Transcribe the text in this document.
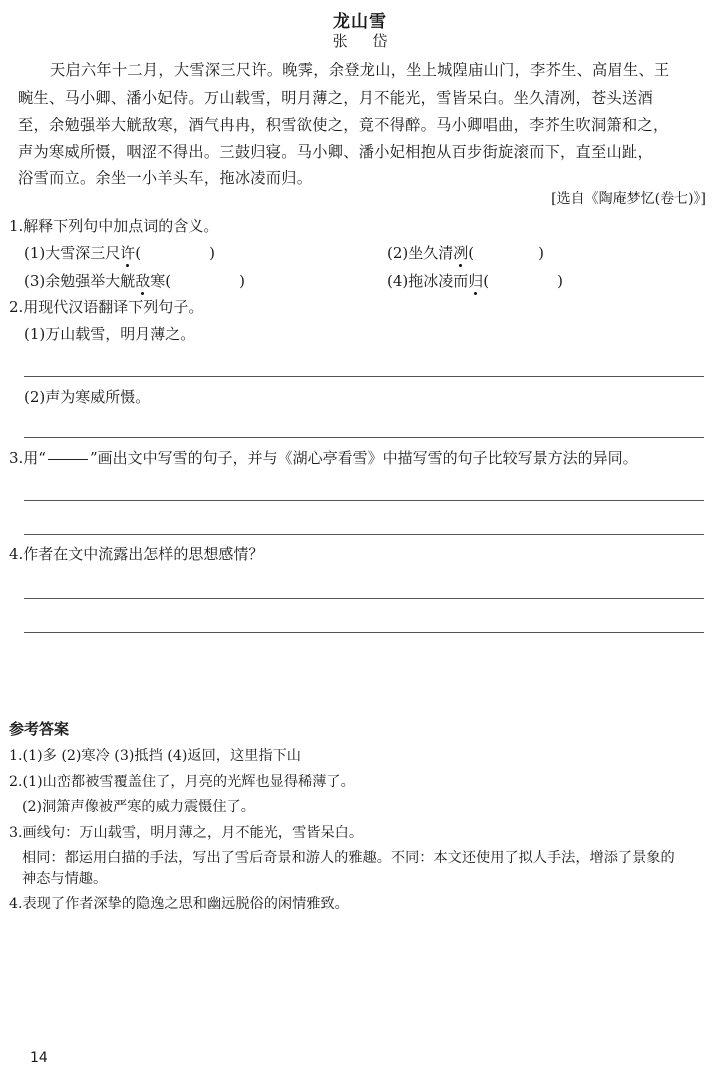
龙山雪
张 岱
天启六年十二月，大雪深三尺许。晚霁，余登龙山，坐上城隍庙山门，李芥生、高眉生、王
畹生、马小卿、潘小妃侍。万山载雪，明月薄之，月不能光，雪皆呆白。坐久清冽，苍头送酒
至，余勉强举大觥敌寒，酒气冉冉，积雪欲使之，竟不得醉。马小卿唱曲，李芥生吹洞箫和之，
声为寒威所慑，咽涩不得出。三鼓归寝。马小卿、潘小妃相抱从百步街旋滚而下，直至山趾，
浴雪而立。余坐一小羊头车，拖冰凌而归。
[选自《陶庵梦忆(卷七)》]
1.解释下列句中加点词的含义。
(1)大雪深三尺许(	)	(2)坐久清冽(	)
(3)余勉强举大觥敌寒(	)	(4)拖冰凌而归(	)
2.用现代汉语翻译下列句子。
(1)万山载雪，明月薄之。
(2)声为寒威所慑。
3.用“	”画出文中写雪的句子，并与《湖心亭看雪》中描写雪的句子比较写景方法的异同。
4.作者在文中流露出怎样的思想感情？
参考答案
1.(1)多 (2)寒冷 (3)抵挡 (4)返回，这里指下山
2.(1)山峦都被雪覆盖住了，月亮的光辉也显得稀薄了。
(2)洞箫声像被严寒的威力震慑住了。
3.画线句：万山载雪，明月薄之，月不能光，雪皆呆白。
相同：都运用白描的手法，写出了雪后奇景和游人的雅趣。不同：本文还使用了拟人手法，增添了景象的
神态与情趣。
4.表现了作者深挚的隐逸之思和幽远脱俗的闲情雅致。
14
